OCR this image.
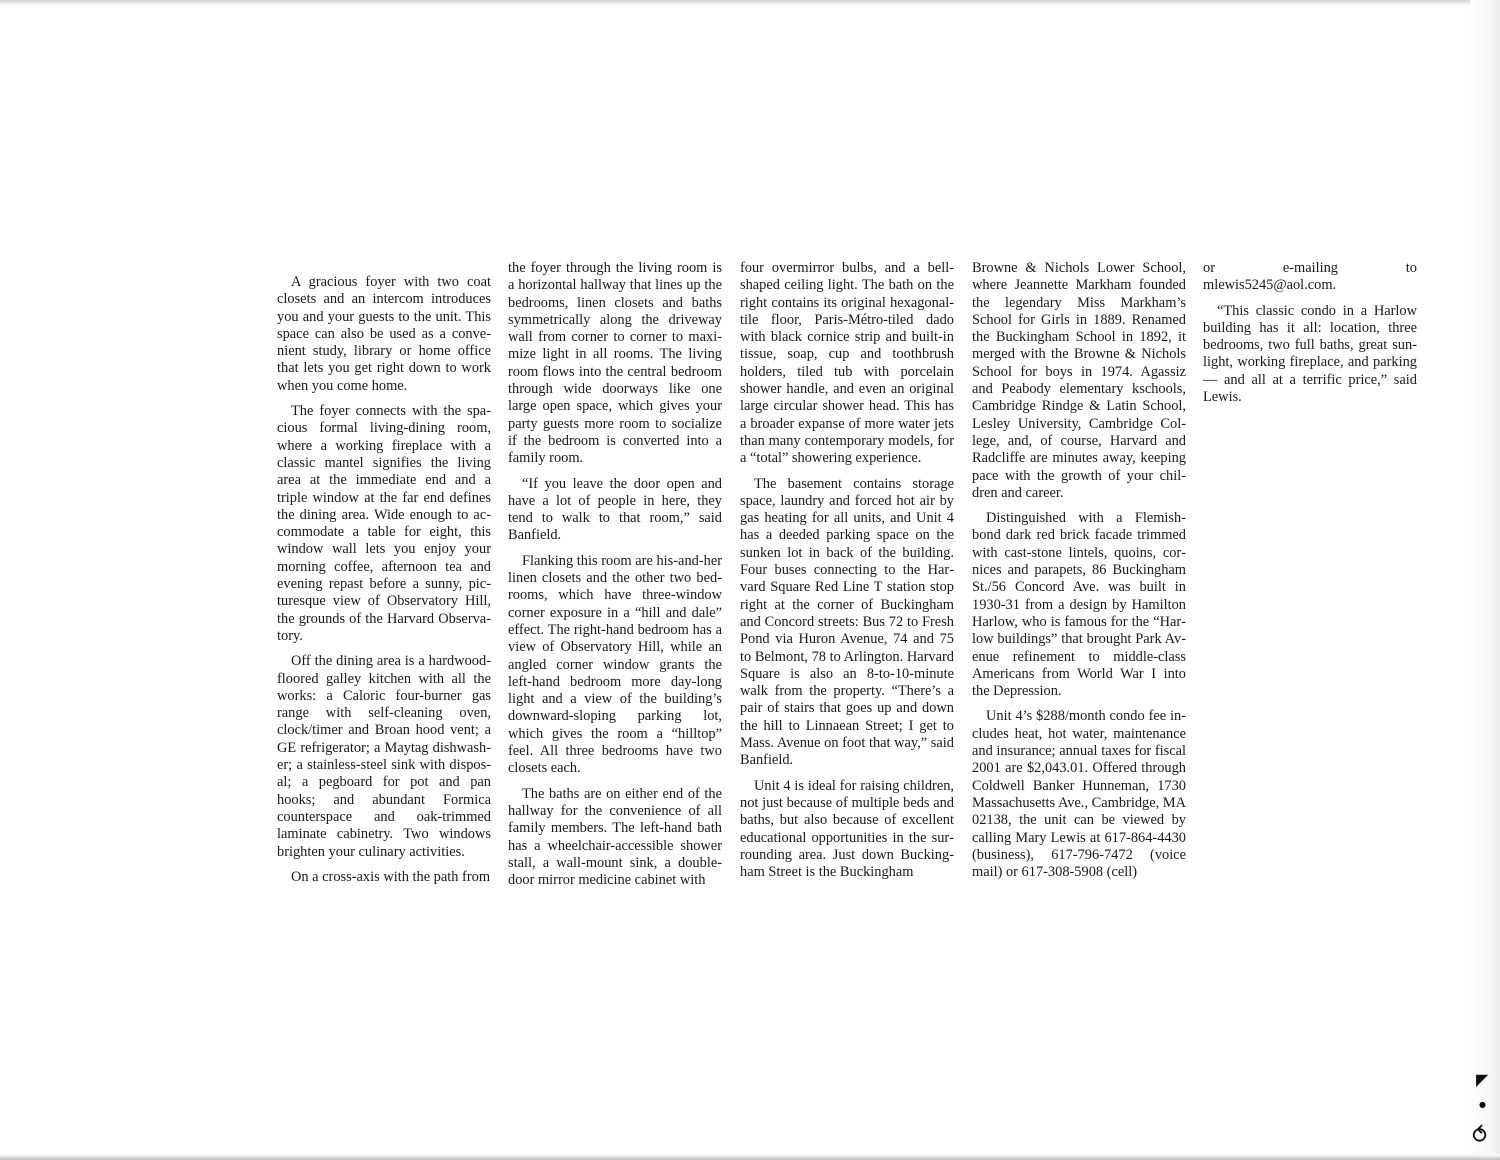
A gracious foyer with two coat closets and an intercom introduces you and your guests to the unit. This space can also be used as a convenient study, library or home office that lets you get right down to work when you come home.

The foyer connects with the spacious formal living-dining room, where a working fireplace with a classic mantel signifies the living area at the immediate end and a triple window at the far end defines the dining area. Wide enough to accommodate a table for eight, this window wall lets you enjoy your morning coffee, afternoon tea and evening repast before a sunny, picturesque view of Observatory Hill, the grounds of the Harvard Observatory.

Off the dining area is a hardwood-floored galley kitchen with all the works: a Caloric four-burner gas range with self-cleaning oven, clock/timer and Broan hood vent; a GE refrigerator; a Maytag dishwasher; a stainless-steel sink with disposal; a pegboard for pot and pan hooks; and abundant Formica counterspace and oak-trimmed laminate cabinetry. Two windows brighten your culinary activities.

On a cross-axis with the path from

the foyer through the living room is a horizontal hallway that lines up the bedrooms, linen closets and baths symmetrically along the driveway wall from corner to corner to maximize light in all rooms. The living room flows into the central bedroom through wide doorways like one large open space, which gives your party guests more room to socialize if the bedroom is converted into a family room.

“If you leave the door open and have a lot of people in here, they tend to walk to that room,” said Banfield.

Flanking this room are his-and-her linen closets and the other two bedrooms, which have three-window corner exposure in a “hill and dale” effect. The right-hand bedroom has a view of Observatory Hill, while an angled corner window grants the left-hand bedroom more day-long light and a view of the building’s downward-sloping parking lot, which gives the room a “hilltop” feel. All three bedrooms have two closets each.

The baths are on either end of the hallway for the convenience of all family members. The left-hand bath has a wheelchair-accessible shower stall, a wall-mount sink, a double-door mirror medicine cabinet with

four overmirror bulbs, and a bell-shaped ceiling light. The bath on the right contains its original hexagonal-tile floor, Paris-Métro-tiled dado with black cornice strip and built-in tissue, soap, cup and toothbrush holders, tiled tub with porcelain shower handle, and even an original large circular shower head. This has a broader expanse of more water jets than many contemporary models, for a “total” showering experience.

The basement contains storage space, laundry and forced hot air by gas heating for all units, and Unit 4 has a deeded parking space on the sunken lot in back of the building. Four buses connecting to the Harvard Square Red Line T station stop right at the corner of Buckingham and Concord streets: Bus 72 to Fresh Pond via Huron Avenue, 74 and 75 to Belmont, 78 to Arlington. Harvard Square is also an 8-to-10-minute walk from the property. “There’s a pair of stairs that goes up and down the hill to Linnaean Street; I get to Mass. Avenue on foot that way,” said Banfield.

Unit 4 is ideal for raising children, not just because of multiple beds and baths, but also because of excellent educational opportunities in the surrounding area. Just down Buckingham Street is the Buckingham

Browne & Nichols Lower School, where Jeannette Markham founded the legendary Miss Markham’s School for Girls in 1889. Renamed the Buckingham School in 1892, it merged with the Browne & Nichols School for boys in 1974. Agassiz and Peabody elementary kschools, Cambridge Rindge & Latin School, Lesley University, Cambridge College, and, of course, Harvard and Radcliffe are minutes away, keeping pace with the growth of your children and career.

Distinguished with a Flemish-bond dark red brick facade trimmed with cast-stone lintels, quoins, cornices and parapets, 86 Buckingham St./56 Concord Ave. was built in 1930-31 from a design by Hamilton Harlow, who is famous for the “Harlow buildings” that brought Park Avenue refinement to middle-class Americans from World War I into the Depression.

Unit 4’s $288/month condo fee includes heat, hot water, maintenance and insurance; annual taxes for fiscal 2001 are $2,043.01. Offered through Coldwell Banker Hunneman, 1730 Massachusetts Ave., Cambridge, MA 02138, the unit can be viewed by calling Mary Lewis at 617-864-4430 (business), 617-796-7472 (voice mail) or 617-308-5908 (cell)

or e-mailing to mlewis5245@aol.com.

“This classic condo in a Harlow building has it all: location, three bedrooms, two full baths, great sunlight, working fireplace, and parking — and all at a terrific price,” said Lewis.

◤
●
⥀
